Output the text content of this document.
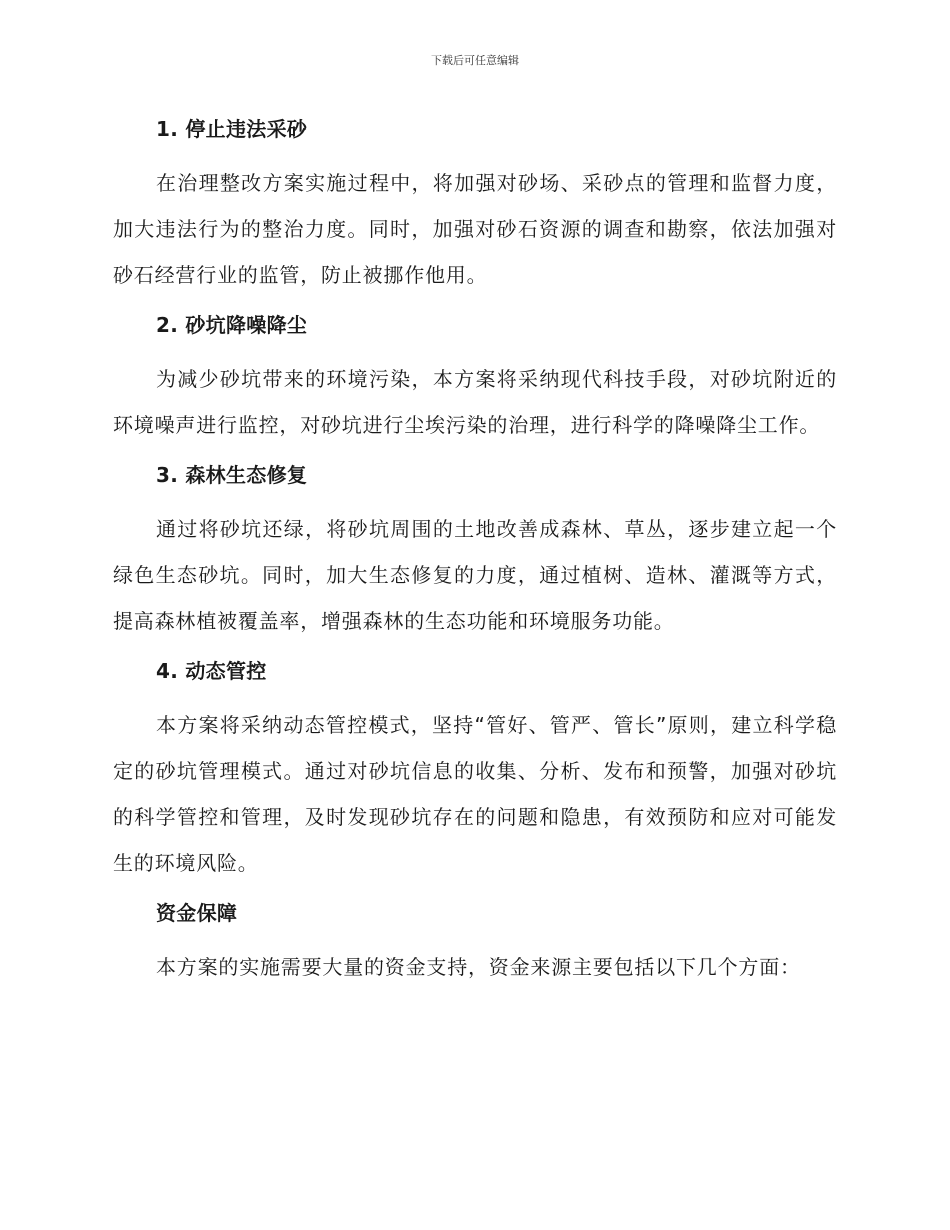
下载后可任意编辑
1. 停止违法采砂

在治理整改方案实施过程中，将加强对砂场、采砂点的管理和监督力度，加大违法行为的整治力度。同时，加强对砂石资源的调查和勘察，依法加强对砂石经营行业的监管，防止被挪作他用。

2. 砂坑降噪降尘

为减少砂坑带来的环境污染，本方案将采纳现代科技手段，对砂坑附近的环境噪声进行监控，对砂坑进行尘埃污染的治理，进行科学的降噪降尘工作。

3. 森林生态修复

通过将砂坑还绿，将砂坑周围的土地改善成森林、草丛，逐步建立起一个绿色生态砂坑。同时，加大生态修复的力度，通过植树、造林、灌溉等方式，提高森林植被覆盖率，增强森林的生态功能和环境服务功能。

4. 动态管控

本方案将采纳动态管控模式，坚持“管好、管严、管长”原则，建立科学稳定的砂坑管理模式。通过对砂坑信息的收集、分析、发布和预警，加强对砂坑的科学管控和管理，及时发现砂坑存在的问题和隐患，有效预防和应对可能发生的环境风险。

资金保障

本方案的实施需要大量的资金支持，资金来源主要包括以下几个方面：
